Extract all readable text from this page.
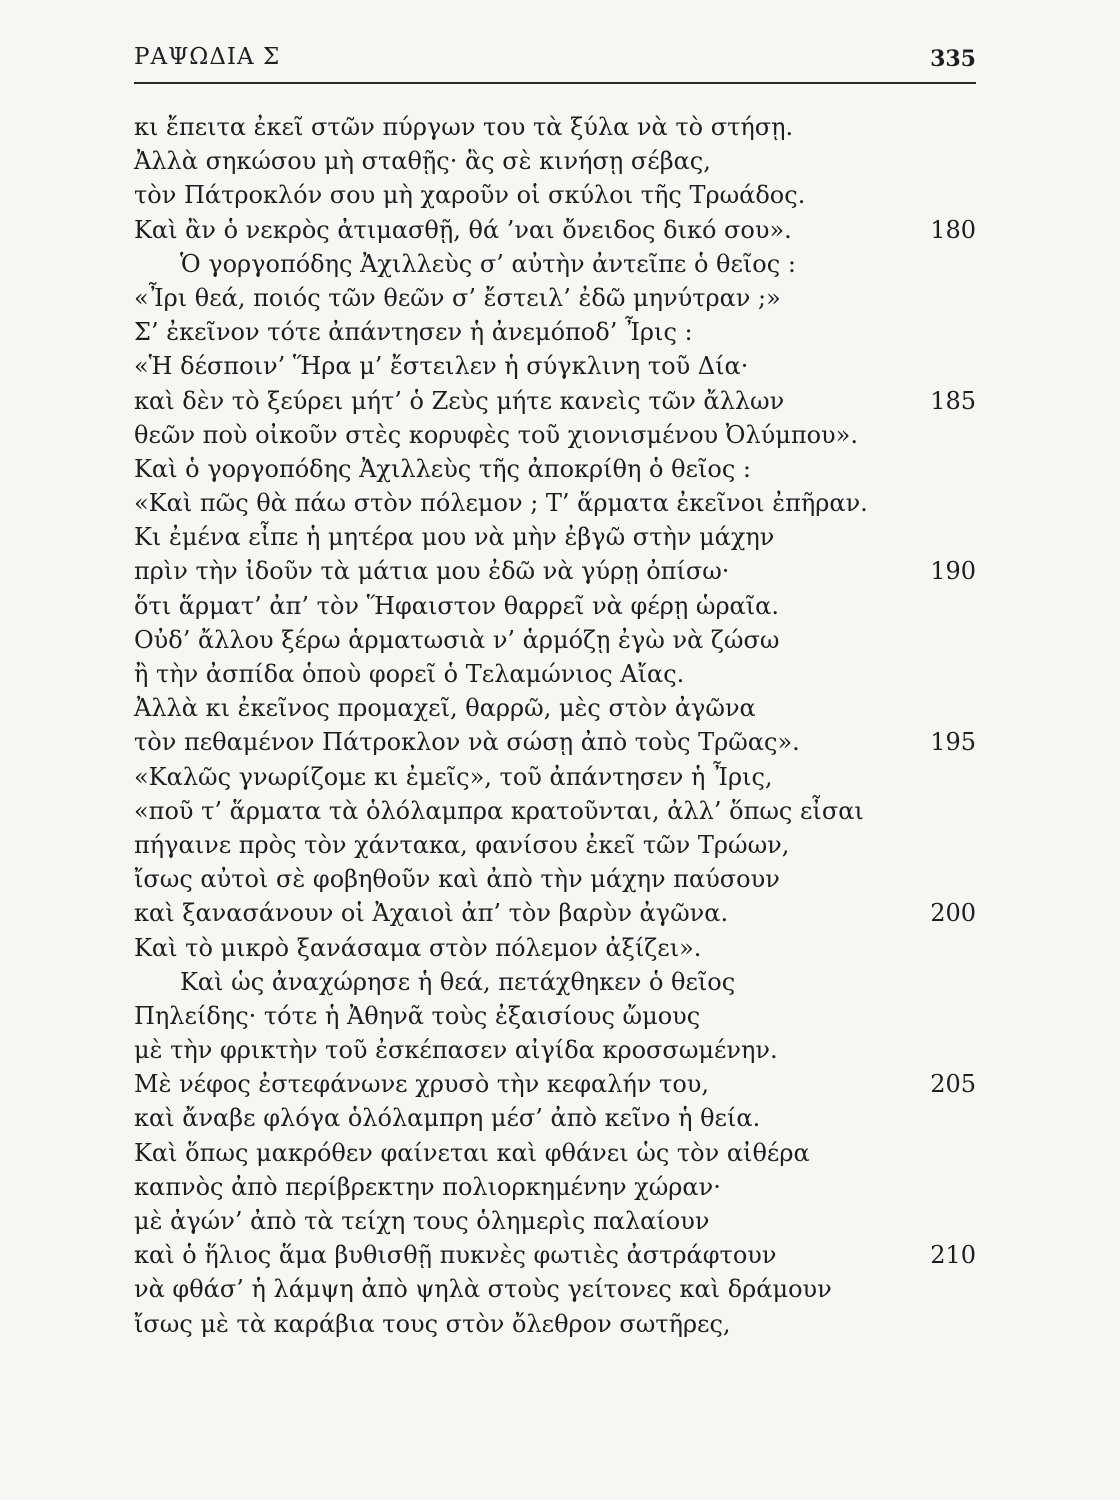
ΡΑΨΩΔΙΑ Σ	335
κι ἔπειτα ἐκεῖ στῶν πύργων του τὰ ξύλα νὰ τὸ στήσῃ.
Ἀλλὰ σηκώσου μὴ σταθῇς· ἃς σὲ κινήσῃ σέβας,
τὸν Πάτροκλόν σου μὴ χαροῦν οἱ σκύλοι τῆς Τρωάδος.
Καὶ ἂν ὁ νεκρὸς ἀτιμασθῇ, θά ’ναι ὄνειδος δικό σου».	180
Ὁ γοργοπόδης Ἀχιλλεὺς σ’ αὐτὴν ἀντεῖπε ὁ θεῖος :
«Ἶρι θεά, ποιός τῶν θεῶν σ’ ἔστειλ’ ἐδῶ μηνύτραν ;»
Σ’ ἐκεῖνον τότε ἀπάντησεν ἡ ἀνεμόποδ’ Ἶρις :
«Ἡ δέσποιν’ Ἥρα μ’ ἔστειλεν ἡ σύγκλινη τοῦ Δία·
καὶ δὲν τὸ ξεύρει μήτ’ ὁ Ζεὺς μήτε κανεὶς τῶν ἄλλων	185
θεῶν ποὺ οἰκοῦν στὲς κορυφὲς τοῦ χιονισμένου Ὀλύμπου».
Καὶ ὁ γοργοπόδης Ἀχιλλεὺς τῆς ἀποκρίθη ὁ θεῖος :
«Καὶ πῶς θὰ πάω στὸν πόλεμον ; Τ’ ἅρματα ἐκεῖνοι ἐπῆραν.
Κι ἐμένα εἶπε ἡ μητέρα μου νὰ μὴν ἐβγῶ στὴν μάχην
πρὶν τὴν ἰδοῦν τὰ μάτια μου ἐδῶ νὰ γύρῃ ὀπίσω·	190
ὅτι ἅρματ’ ἀπ’ τὸν Ἥφαιστον θαρρεῖ νὰ φέρῃ ὡραῖα.
Οὐδ’ ἄλλου ξέρω ἁρματωσιὰ ν’ ἁρμόζῃ ἐγὼ νὰ ζώσω
ἢ τὴν ἀσπίδα ὁποὺ φορεῖ ὁ Τελαμώνιος Αἴας.
Ἀλλὰ κι ἐκεῖνος προμαχεῖ, θαρρῶ, μὲς στὸν ἀγῶνα
τὸν πεθαμένον Πάτροκλον νὰ σώσῃ ἀπὸ τοὺς Τρῶας».	195
«Καλῶς γνωρίζομε κι ἐμεῖς», τοῦ ἀπάντησεν ἡ Ἶρις,
«ποῦ τ’ ἅρματα τὰ ὁλόλαμπρα κρατοῦνται, ἀλλ’ ὅπως εἶσαι
πήγαινε πρὸς τὸν χάντακα, φανίσου ἐκεῖ τῶν Τρώων,
ἴσως αὐτοὶ σὲ φοβηθοῦν καὶ ἀπὸ τὴν μάχην παύσουν
καὶ ξανασάνουν οἱ Ἀχαιοὶ ἀπ’ τὸν βαρὺν ἀγῶνα.	200
Καὶ τὸ μικρὸ ξανάσαμα στὸν πόλεμον ἀξίζει».
Καὶ ὡς ἀναχώρησε ἡ θεά, πετάχθηκεν ὁ θεῖος
Πηλείδης· τότε ἡ Ἀθηνᾶ τοὺς ἐξαισίους ὤμους
μὲ τὴν φρικτὴν τοῦ ἐσκέπασεν αἰγίδα κροσσωμένην.
Μὲ νέφος ἐστεφάνωνε χρυσὸ τὴν κεφαλήν του,	205
καὶ ἄναβε φλόγα ὁλόλαμπρη μέσ’ ἀπὸ κεῖνο ἡ θεία.
Καὶ ὅπως μακρόθεν φαίνεται καὶ φθάνει ὡς τὸν αἰθέρα
καπνὸς ἀπὸ περίβρεκτην πολιορκημένην χώραν·
μὲ ἀγών’ ἀπὸ τὰ τείχη τους ὁλημερὶς παλαίουν
καὶ ὁ ἥλιος ἅμα βυθισθῇ πυκνὲς φωτιὲς ἀστράφτουν	210
νὰ φθάσ’ ἡ λάμψη ἀπὸ ψηλὰ στοὺς γείτονες καὶ δράμουν
ἴσως μὲ τὰ καράβια τους στὸν ὄλεθρον σωτῆρες,
